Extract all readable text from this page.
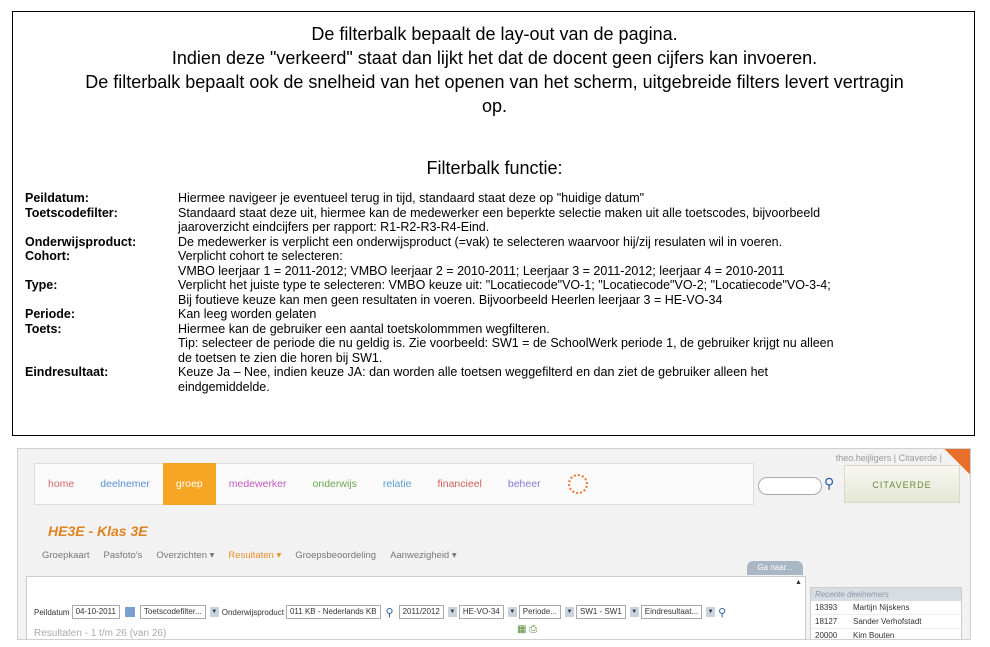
De filterbalk bepaalt de lay-out van de pagina.
Indien deze "verkeerd" staat dan lijkt het dat de docent geen cijfers kan invoeren.
De filterbalk bepaalt ook de snelheid van het openen van het scherm, uitgebreide filters levert vertragin
op.
Filterbalk functie:
Peildatum:	Hiermee navigeer je eventueel terug in tijd, standaard staat deze op "huidige datum"
Toetscodefilter:	Standaard staat deze uit, hiermee kan de medewerker een beperkte selectie maken uit alle toetscodes, bijvoorbeeld
jaaroverzicht eindcijfers per rapport: R1-R2-R3-R4-Eind.
Onderwijsproduct:	De medewerker is verplicht een onderwijsproduct (=vak) te selecteren waarvoor hij/zij resulaten wil in voeren.
Cohort:	Verplicht cohort te selecteren:
VMBO leerjaar 1 = 2011-2012; VMBO leerjaar 2 = 2010-2011; Leerjaar 3 = 2011-2012; leerjaar 4 = 2010-2011
Type:	Verplicht het juiste type te selecteren: VMBO keuze uit: "Locatiecode"VO-1; "Locatiecode"VO-2; "Locatiecode"VO-3-4;
Bij foutieve keuze kan men geen resultaten in voeren. Bijvoorbeeld Heerlen leerjaar 3 = HE-VO-34
Periode:	Kan leeg worden gelaten
Toets:	Hiermee kan de gebruiker een aantal toetskolommmen wegfilteren.
Tip: selecteer de periode die nu geldig is. Zie voorbeeld: SW1 = de SchoolWerk periode 1, de gebruiker krijgt nu alleen
de toetsen te zien die horen bij SW1.
Eindresultaat:	Keuze Ja – Nee, indien keuze JA: dan worden alle toetsen weggefilterd en dan ziet de gebruiker alleen het
eindgemiddelde.
theo.heijligers | Citaverde |
home	deelnemer	groep	medewerker	onderwijs	relatie	financieel	beheer	⚲	CITAVERDE
HE3E - Klas 3E
Groepkaart Pasfoto's Overzichten ▾ Resultaten ▾ Groepsbeoordeling Aanwezigheid ▾
Ga naar...
▲
Peildatum 04-10-2011	Toetscodefilter...	▼ Onderwijsproduct 011 KB - Nederlands KB ⚲	2011/2012	▼ HE-VO-34	▼ Periode...	▼ SW1 - SW1	▼ Eindresultaat...	▼ ⚲
Resultaten - 1 t/m 26 (van 26)	▦ ⎙
Recente deelnemers
18393	Martijn Nijskens
18127	Sander Verhofstadt
20000	Kim Bouten
